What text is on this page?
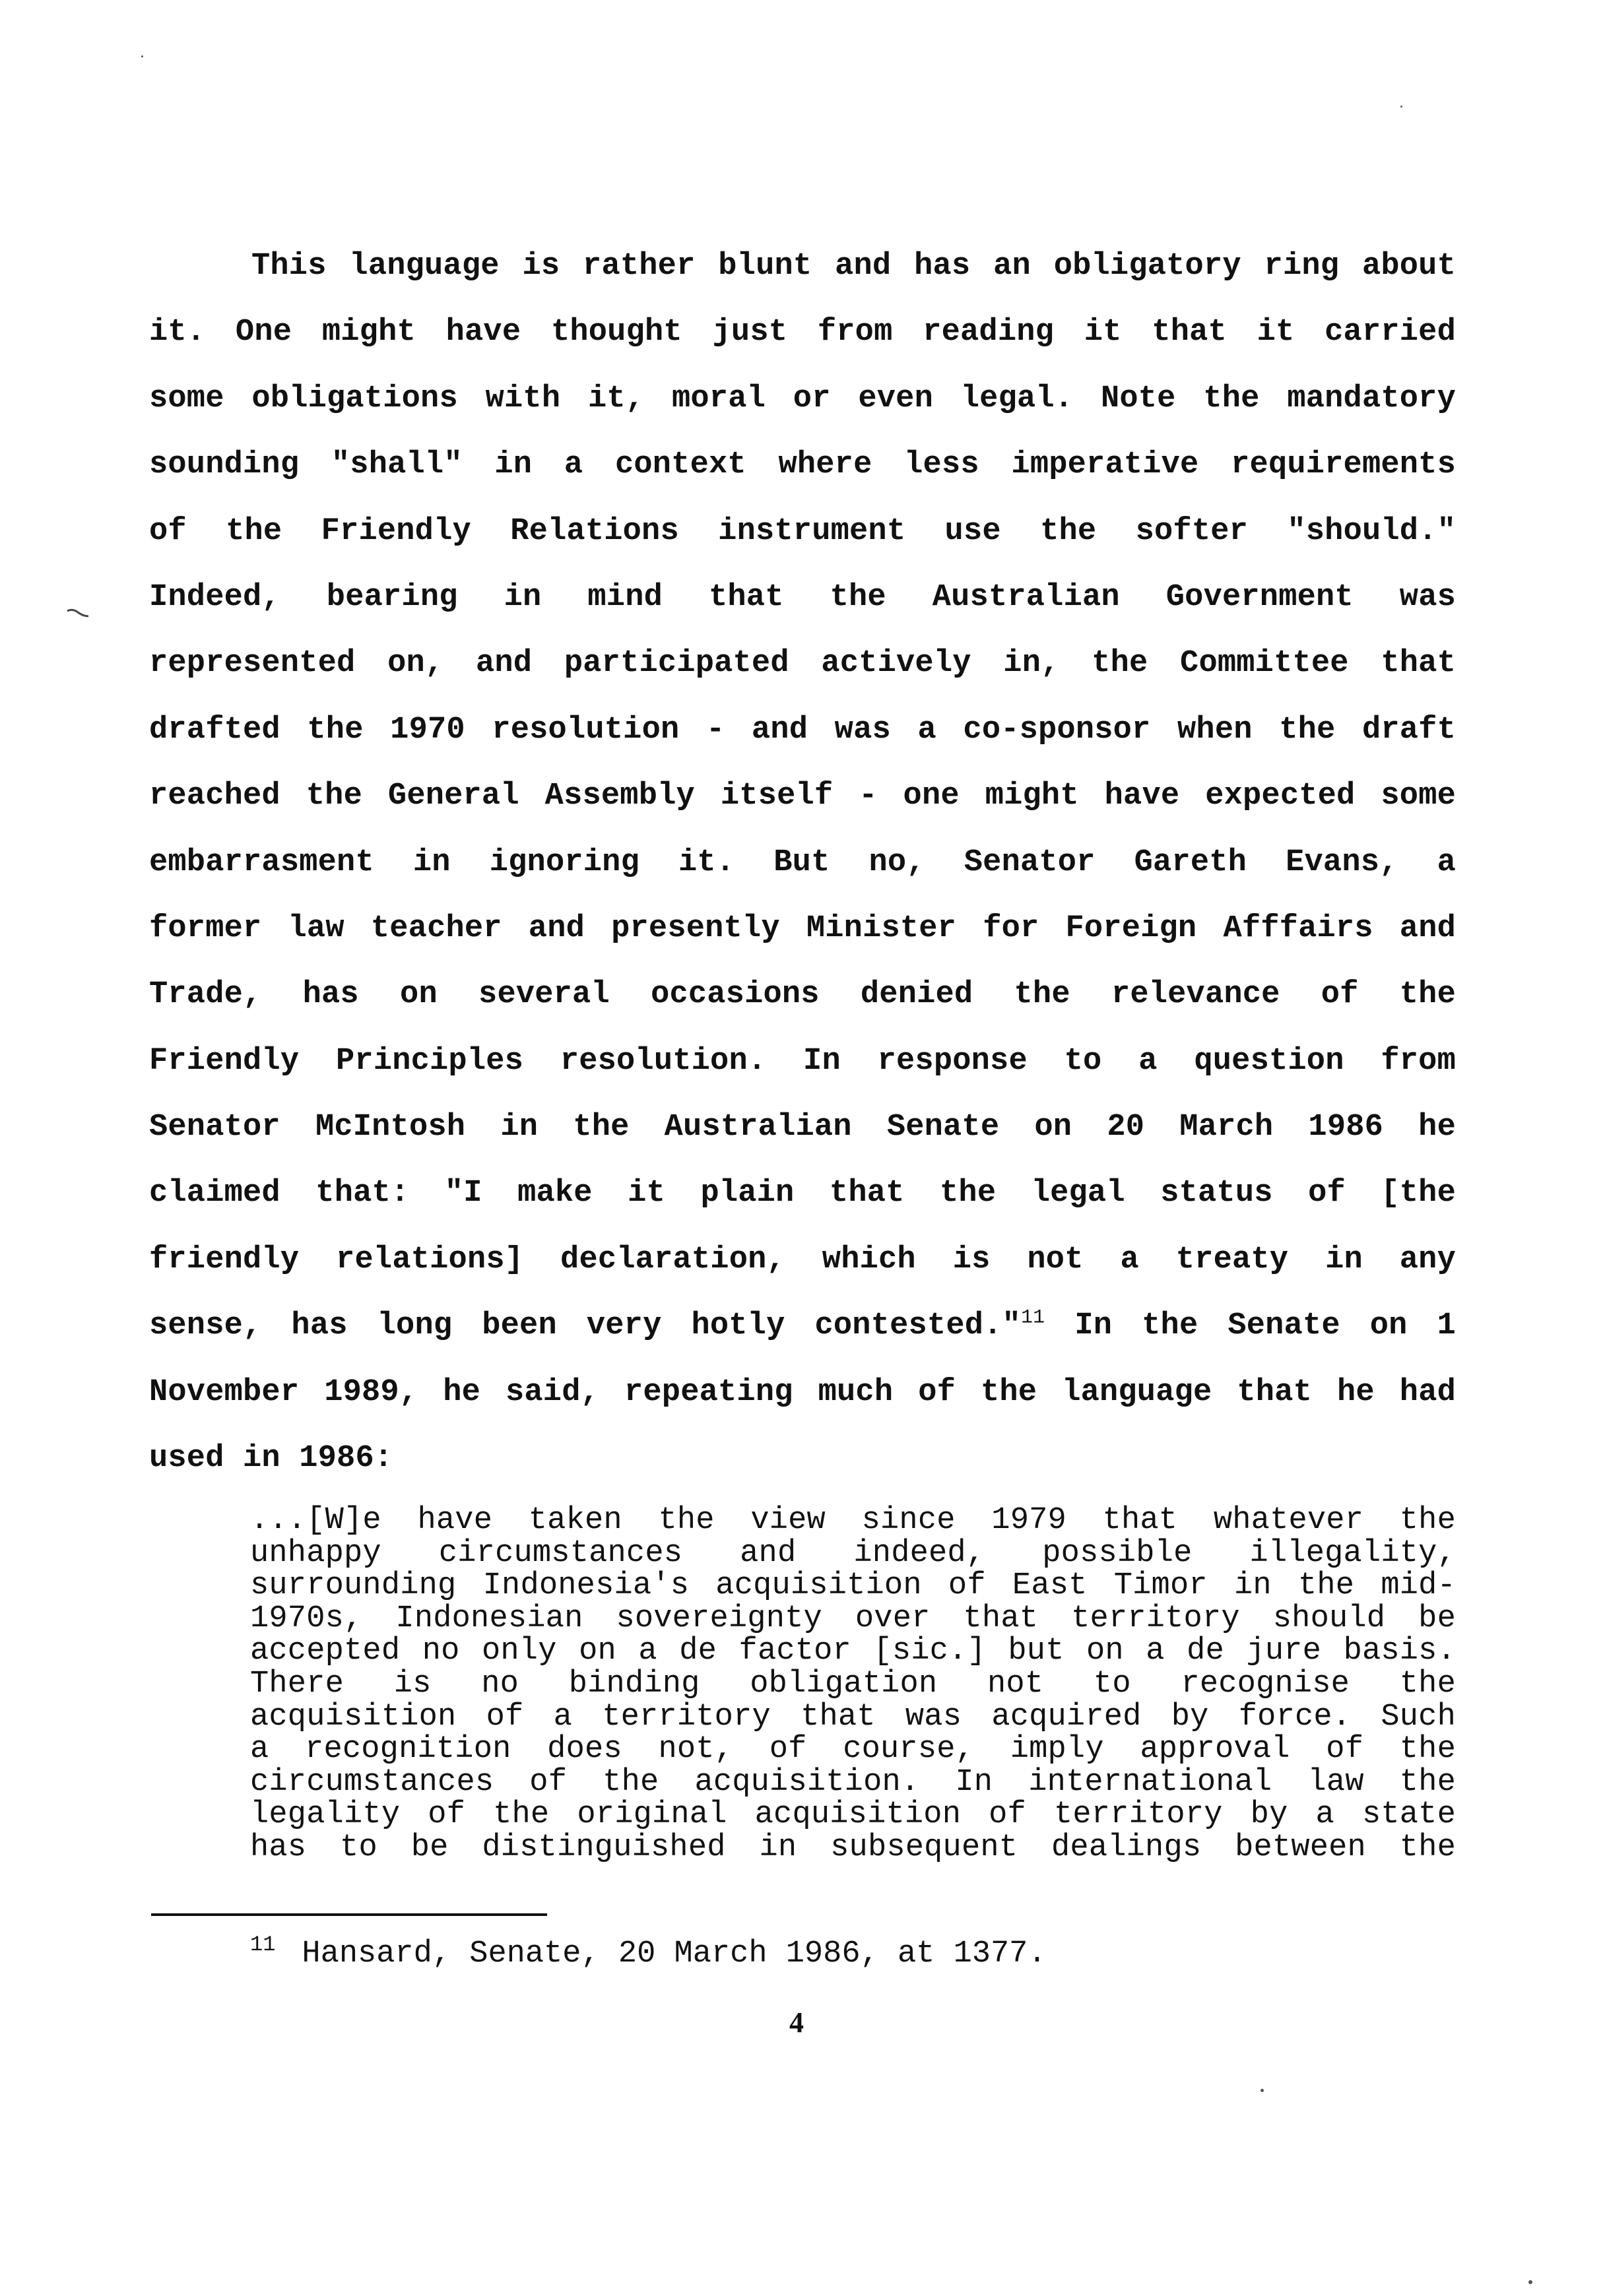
This language is rather blunt and has an obligatory ring about
it. One might have thought just from reading it that it carried
some obligations with it, moral or even legal. Note the mandatory
sounding "shall" in a context where less imperative requirements
of the Friendly Relations instrument use the softer "should."
Indeed, bearing in mind that the Australian Government was
represented on, and participated actively in, the Committee that
drafted the 1970 resolution - and was a co-sponsor when the draft
reached the General Assembly itself - one might have expected some
embarrasment in ignoring it. But no, Senator Gareth Evans, a
former law teacher and presently Minister for Foreign Afffairs and
Trade, has on several occasions denied the relevance of the
Friendly Principles resolution. In response to a question from
Senator McIntosh in the Australian Senate on 20 March 1986 he
claimed that: "I make it plain that the legal status of [the
friendly relations] declaration, which is not a treaty in any
sense, has long been very hotly contested."$^{11}$ In the Senate on 1
November 1989, he said, repeating much of the language that he had
used in 1986:
...[W]e have taken the view since 1979 that whatever the
unhappy circumstances and indeed, possible illegality,
surrounding Indonesia's acquisition of East Timor in the mid-
1970s, Indonesian sovereignty over that territory should be
accepted no only on a de factor [sic.] but on a de jure basis.
There is no binding obligation not to recognise the
acquisition of a territory that was acquired by force. Such
a recognition does not, of course, imply approval of the
circumstances of the acquisition. In international law the
legality of the original acquisition of territory by a state
has to be distinguished in subsequent dealings between the
$^{11}$ Hansard, Senate, 20 March 1986, at 1377.
4
